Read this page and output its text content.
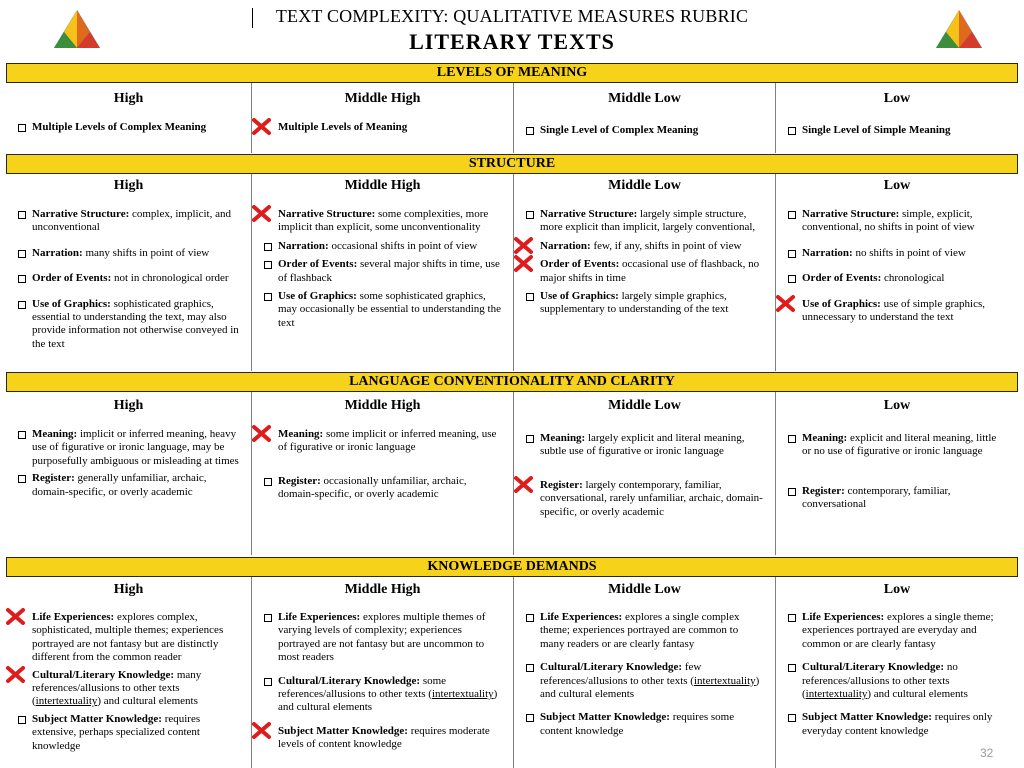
TEXT COMPLEXITY: QUALITATIVE MEASURES RUBRIC
LITERARY TEXTS
LEVELS OF MEANING
High
Multiple Levels of Complex Meaning
Middle High
Multiple Levels of Meaning
Middle Low
Single Level of Complex Meaning
Low
Single Level of Simple Meaning
STRUCTURE
High
Narrative Structure: complex, implicit, and unconventional
Narration: many shifts in point of view
Order of Events: not in chronological order
Use of Graphics: sophisticated graphics, essential to understanding the text, may also provide information not otherwise conveyed in the text
Middle High
Narrative Structure: some complexities, more implicit than explicit, some unconventionality
Narration: occasional shifts in point of view
Order of Events: several major shifts in time, use of flashback
Use of Graphics: some sophisticated graphics, may occasionally be essential to understanding the text
Middle Low
Narrative Structure: largely simple structure, more explicit than implicit, largely conventional,
Narration: few, if any, shifts in point of view
Order of Events: occasional use of flashback, no major shifts in time
Use of Graphics: largely simple graphics, supplementary to understanding of the text
Low
Narrative Structure: simple, explicit, conventional, no shifts in point of view
Narration: no shifts in point of view
Order of Events: chronological
Use of Graphics: use of simple graphics, unnecessary to understand the text
LANGUAGE CONVENTIONALITY AND CLARITY
High
Meaning: implicit or inferred meaning, heavy use of figurative or ironic language, may be purposefully ambiguous or misleading at times
Register: generally unfamiliar, archaic, domain-specific, or overly academic
Middle High
Meaning: some implicit or inferred meaning, use of figurative or ironic language
Register: occasionally unfamiliar, archaic, domain-specific, or overly academic
Middle Low
Meaning: largely explicit and literal meaning, subtle use of figurative or ironic language
Register: largely contemporary, familiar, conversational, rarely unfamiliar, archaic, domain-specific, or overly academic
Low
Meaning: explicit and literal meaning, little or no use of figurative or ironic language
Register: contemporary, familiar, conversational
KNOWLEDGE DEMANDS
High
Life Experiences: explores complex, sophisticated, multiple themes; experiences portrayed are not fantasy but are distinctly different from the common reader
Cultural/Literary Knowledge: many references/allusions to other texts (intertextuality) and cultural elements
Subject Matter Knowledge: requires extensive, perhaps specialized content knowledge
Middle High
Life Experiences: explores multiple themes of varying levels of complexity; experiences portrayed are not fantasy but are uncommon to most readers
Cultural/Literary Knowledge: some references/allusions to other texts (intertextuality) and cultural elements
Subject Matter Knowledge: requires moderate levels of content knowledge
Middle Low
Life Experiences: explores a single complex theme; experiences portrayed are common to many readers or are clearly fantasy
Cultural/Literary Knowledge: few references/allusions to other texts (intertextuality) and cultural elements
Subject Matter Knowledge: requires some content knowledge
Low
Life Experiences: explores a single theme; experiences portrayed are everyday and common or are clearly fantasy
Cultural/Literary Knowledge: no references/allusions to other texts (intertextuality) and cultural elements
Subject Matter Knowledge: requires only everyday content knowledge
32
